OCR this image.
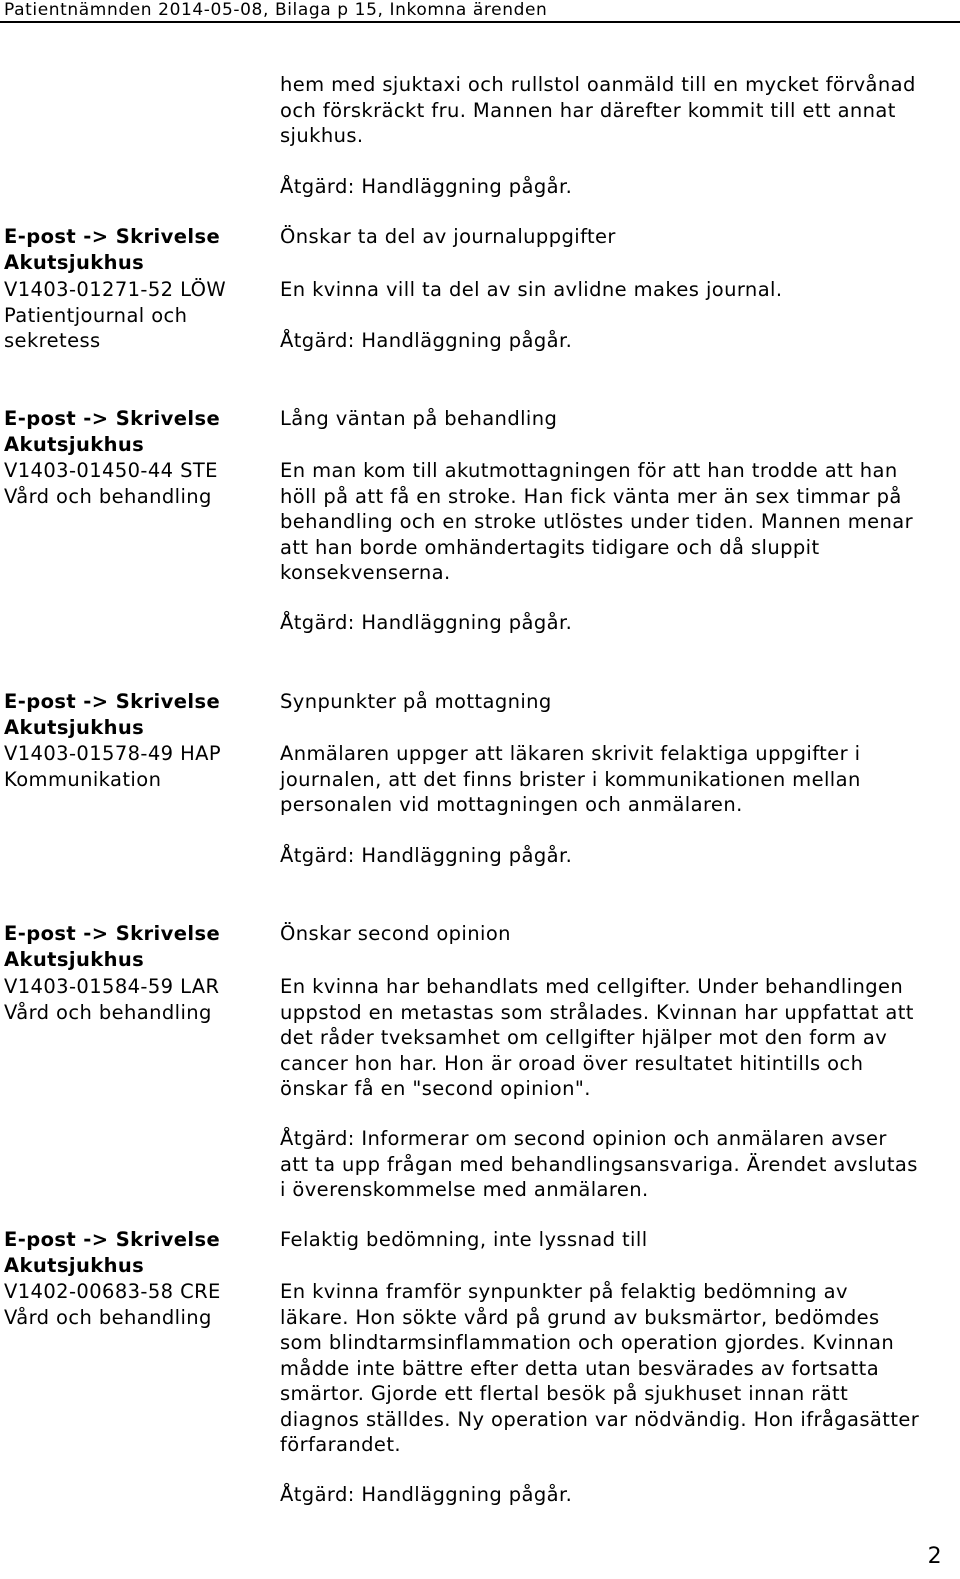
Patientnämnden 2014-05-08, Bilaga p 15, Inkomna ärenden

hem med sjuktaxi och rullstol oanmäld till en mycket förvånad

och förskräckt fru. Mannen har därefter kommit till ett annat

sjukhus.

Åtgärd: Handläggning pågår.

E-post -> Skrivelse

Akutsjukhus

V1403-01271-52 LÖW

Patientjournal och

sekretess

Önskar ta del av journaluppgifter

En kvinna vill ta del av sin avlidne makes journal.

Åtgärd: Handläggning pågår.

E-post -> Skrivelse

Akutsjukhus

V1403-01450-44 STE

Vård och behandling

Lång väntan på behandling

En man kom till akutmottagningen för att han trodde att han

höll på att få en stroke. Han fick vänta mer än sex timmar på

behandling och en stroke utlöstes under tiden. Mannen menar

att han borde omhändertagits tidigare och då sluppit

konsekvenserna.

Åtgärd: Handläggning pågår.

E-post -> Skrivelse

Akutsjukhus

V1403-01578-49 HAP

Kommunikation

Synpunkter på mottagning

Anmälaren uppger att läkaren skrivit felaktiga uppgifter i

journalen, att det finns brister i kommunikationen mellan

personalen vid mottagningen och anmälaren.

Åtgärd: Handläggning pågår.

E-post -> Skrivelse

Akutsjukhus

V1403-01584-59 LAR

Vård och behandling

Önskar second opinion

En kvinna har behandlats med cellgifter. Under behandlingen

uppstod en metastas som strålades. Kvinnan har uppfattat att

det råder tveksamhet om cellgifter hjälper mot den form av

cancer hon har. Hon är oroad över resultatet hitintills och

önskar få en "second opinion".

Åtgärd: Informerar om second opinion och anmälaren avser

att ta upp frågan med behandlingsansvariga. Ärendet avslutas

i överenskommelse med anmälaren.

E-post -> Skrivelse

Akutsjukhus

V1402-00683-58 CRE

Vård och behandling

Felaktig bedömning, inte lyssnad till

En kvinna framför synpunkter på felaktig bedömning av

läkare. Hon sökte vård på grund av buksmärtor, bedömdes

som blindtarmsinflammation och operation gjordes. Kvinnan

mådde inte bättre efter detta utan besvärades av fortsatta

smärtor. Gjorde ett flertal besök på sjukhuset innan rätt

diagnos ställdes. Ny operation var nödvändig. Hon ifrågasätter

förfarandet.

Åtgärd: Handläggning pågår.

2
